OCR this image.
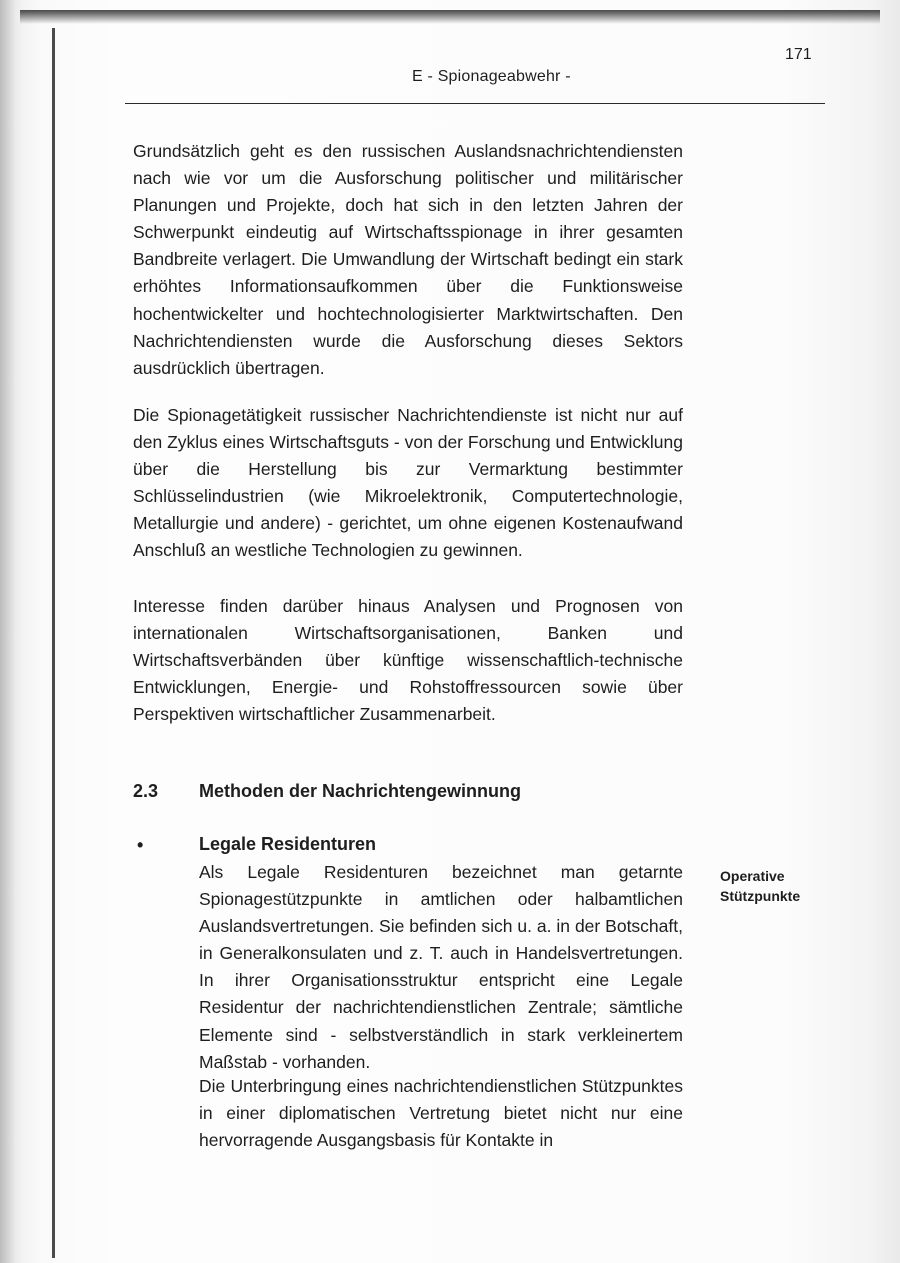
E - Spionageabwehr -
171

Grundsätzlich geht es den russischen Auslandsnachrichtendiensten nach wie vor um die Ausforschung politischer und militärischer Planungen und Projekte, doch hat sich in den letzten Jahren der Schwerpunkt eindeutig auf Wirtschaftsspionage in ihrer gesamten Bandbreite verlagert. Die Umwandlung der Wirtschaft bedingt ein stark erhöhtes Informationsaufkommen über die Funktionsweise hochentwickelter und hochtechnologisierter Marktwirtschaften. Den Nachrichtendiensten wurde die Ausforschung dieses Sektors ausdrücklich übertragen.

Die Spionagetätigkeit russischer Nachrichtendienste ist nicht nur auf den Zyklus eines Wirtschaftsguts - von der Forschung und Entwicklung über die Herstellung bis zur Vermarktung bestimmter Schlüsselindustrien (wie Mikroelektronik, Computertechnologie, Metallurgie und andere) - gerichtet, um ohne eigenen Kostenaufwand Anschluß an westliche Technologien zu gewinnen.

Interesse finden darüber hinaus Analysen und Prognosen von internationalen Wirtschaftsorganisationen, Banken und Wirtschaftsverbänden über künftige wissenschaftlich-technische Entwicklungen, Energie- und Rohstoffressourcen sowie über Perspektiven wirtschaftlicher Zusammenarbeit.

2.3 Methoden der Nachrichtengewinnung
•	Legale Residenturen

Als Legale Residenturen bezeichnet man getarnte Spionagestützpunkte in amtlichen oder halbamtlichen Auslandsvertretungen. Sie befinden sich u. a. in der Botschaft, in Generalkonsulaten und z. T. auch in Handelsvertretungen. In ihrer Organisationsstruktur entspricht eine Legale Residentur der nachrichtendienstlichen Zentrale; sämtliche Elemente sind - selbstverständlich in stark verkleinertem Maßstab - vorhanden.

Die Unterbringung eines nachrichtendienstlichen Stützpunktes in einer diplomatischen Vertretung bietet nicht nur eine hervorragende Ausgangsbasis für Kontakte in

Operative Stützpunkte
